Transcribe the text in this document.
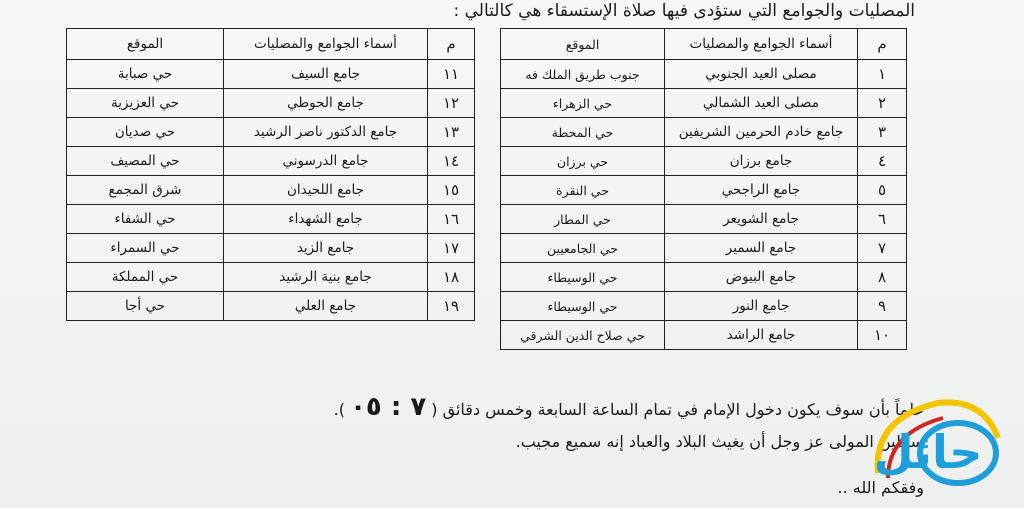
المصليات والجوامع التي ستؤدى فيها صلاة الإستسقاء هي كالتالي :
م	أسماء الجوامع والمصليات	الموقع
١	مصلى العيد الجنوبي	جنوب طريق الملك فه
٢	مصلى العيد الشمالي	حي الزهراء
٣	جامع خادم الحرمين الشريفين	حي المحطة
٤	جامع برزان	حي برزان
٥	جامع الراجحي	حي النقرة
٦	جامع الشويعر	حي المطار
٧	جامع السمير	حي الجامعيين
٨	جامع البيوض	حي الوسيطاء
٩	جامع النور	حي الوسيطاء
١٠	جامع الراشد	حي صلاح الدين الشرقي
م	أسماء الجوامع والمصليات	الموقع
١١	جامع السيف	حي صبابة
١٢	جامع الحوطي	حي العزيزية
١٣	جامع الدكتور ناصر الرشيد	حي صديان
١٤	جامع الدرسوني	حي المصيف
١٥	جامع اللحيدان	شرق المجمع
١٦	جامع الشهداء	حي الشفاء
١٧	جامع الزيد	حي السمراء
١٨	جامع بنية الرشيد	حي المملكة
١٩	جامع العلي	حي أجا
علماً بأن سوف يكون دخول الإمام في تمام الساعة السابعة وخمس دقائق ( ٧ : ٠٥ ).
سائلين المولى عز وجل أن يغيث البلاد والعباد إنه سميع مجيب.
وفقكم الله ..
حائل
